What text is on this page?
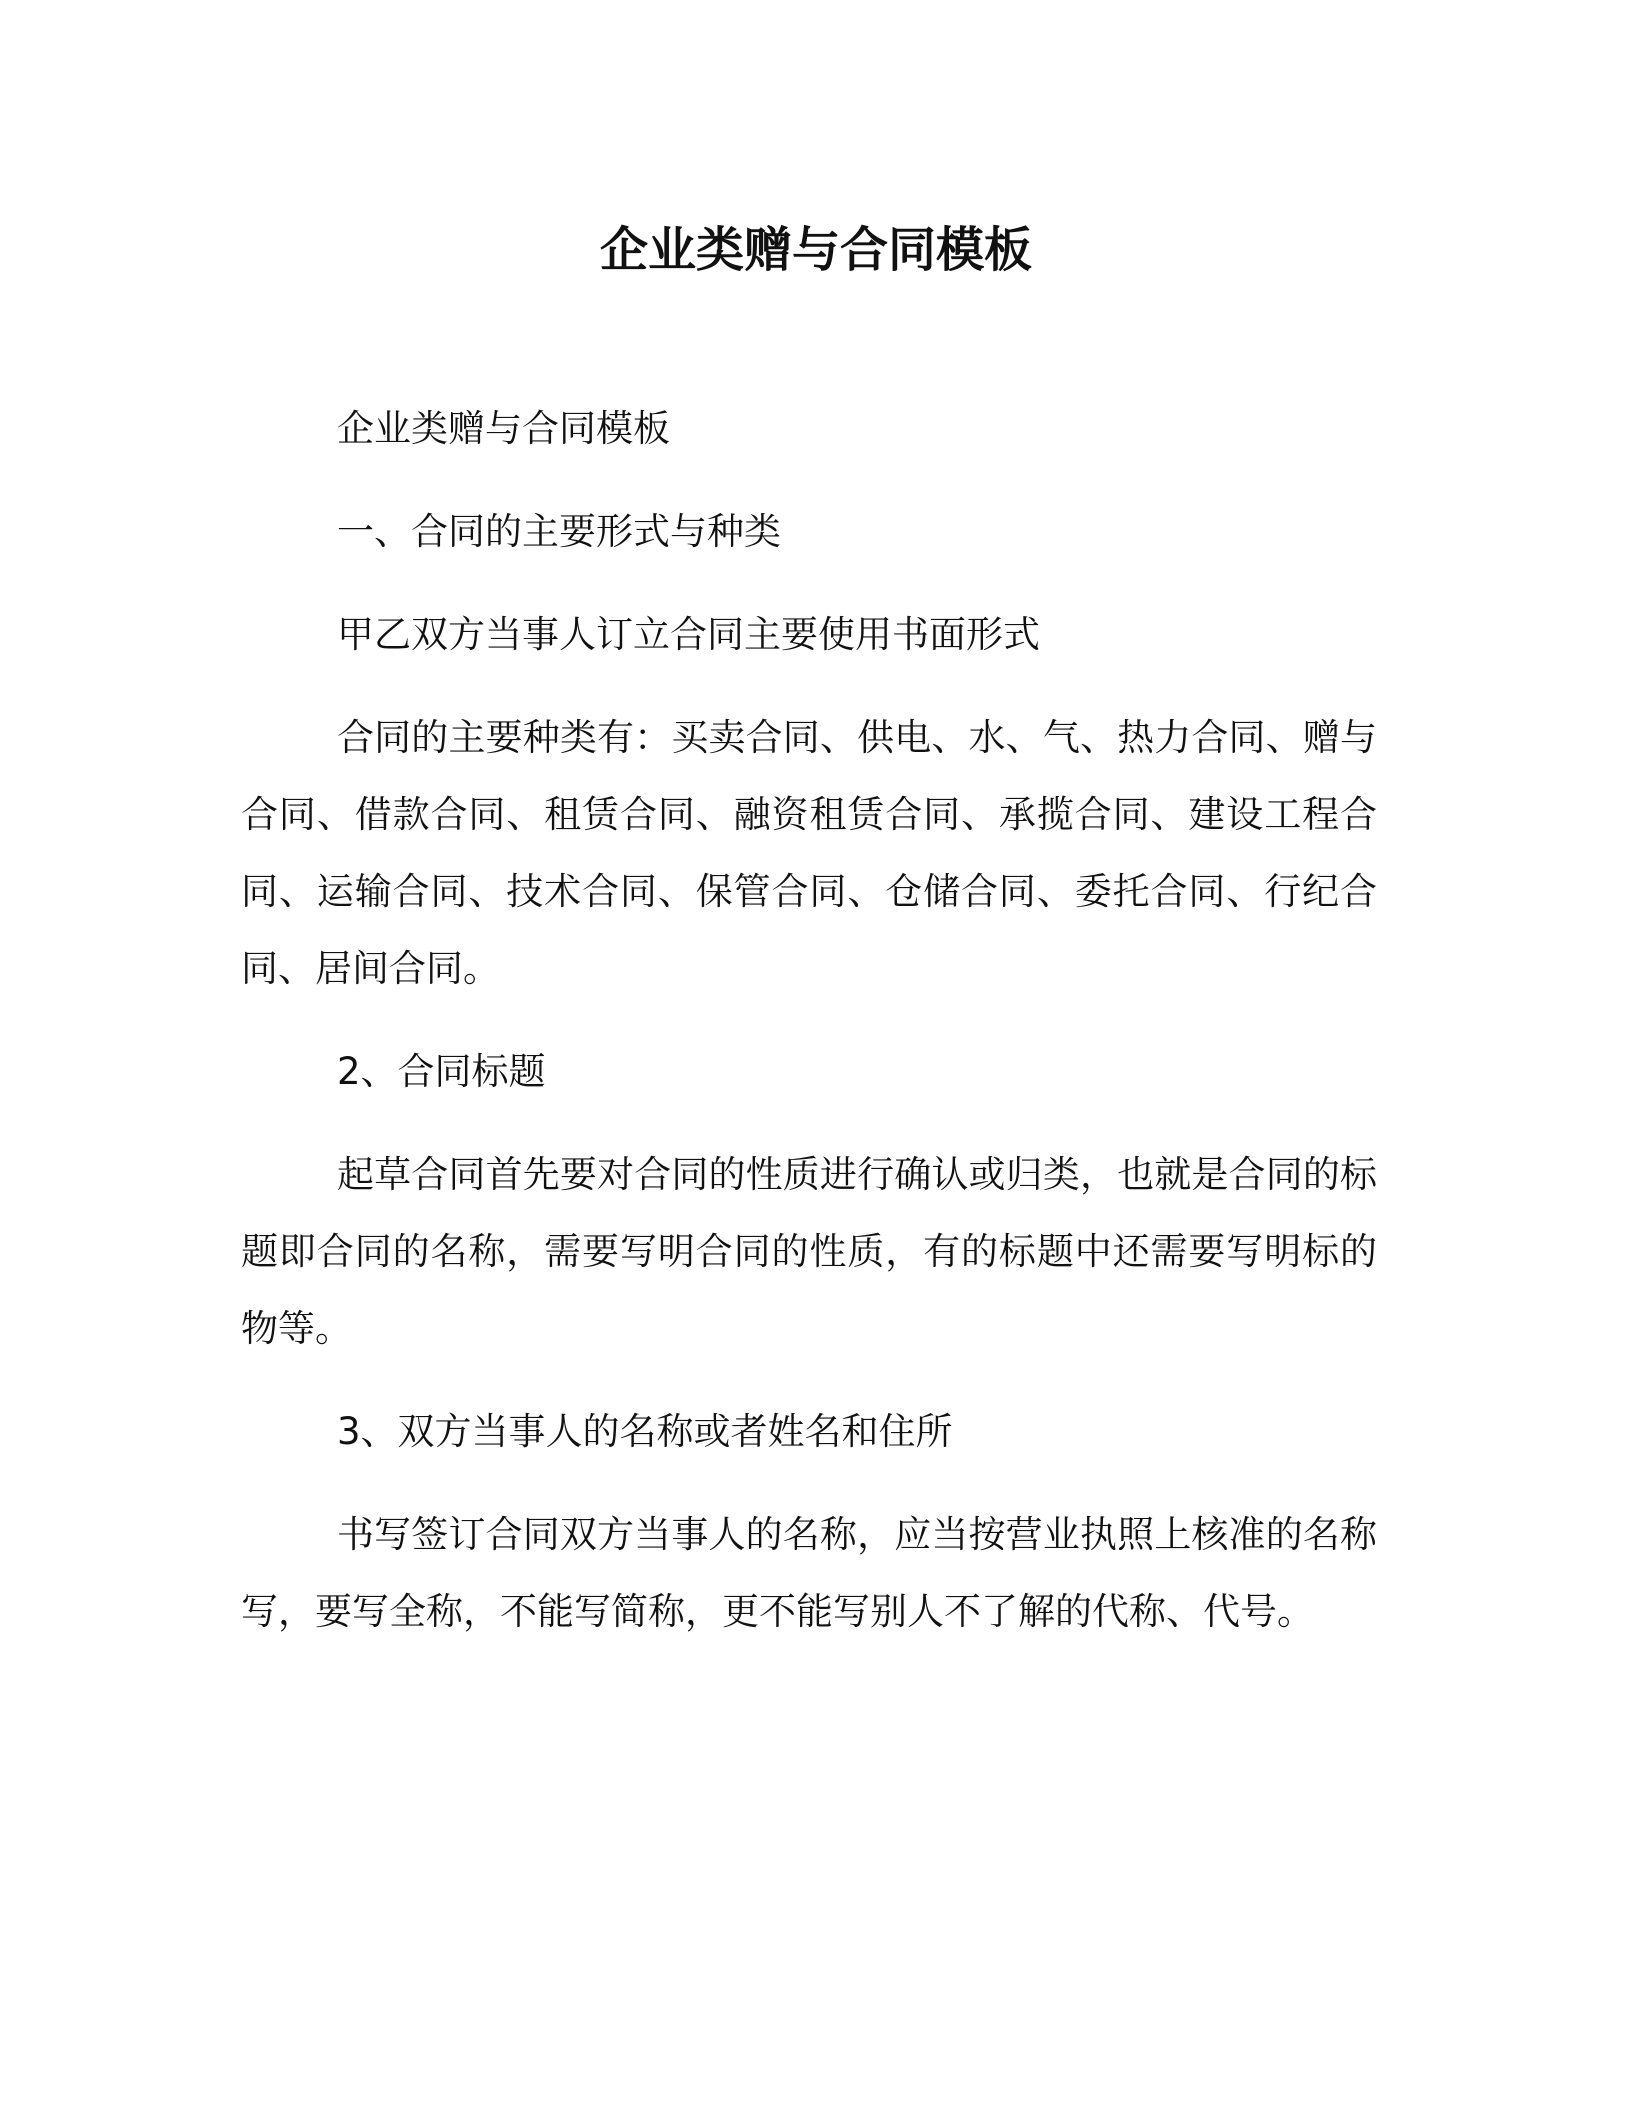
企业类赠与合同模板

企业类赠与合同模板

一、合同的主要形式与种类

甲乙双方当事人订立合同主要使用书面形式

合同的主要种类有：买卖合同、供电、水、气、热力合同、赠与合同、借款合同、租赁合同、融资租赁合同、承揽合同、建设工程合同、运输合同、技术合同、保管合同、仓储合同、委托合同、行纪合同、居间合同。

2、合同标题

起草合同首先要对合同的性质进行确认或归类，也就是合同的标题即合同的名称，需要写明合同的性质，有的标题中还需要写明标的物等。

3、双方当事人的名称或者姓名和住所

书写签订合同双方当事人的名称，应当按营业执照上核准的名称写，要写全称，不能写简称，更不能写别人不了解的代称、代号。
